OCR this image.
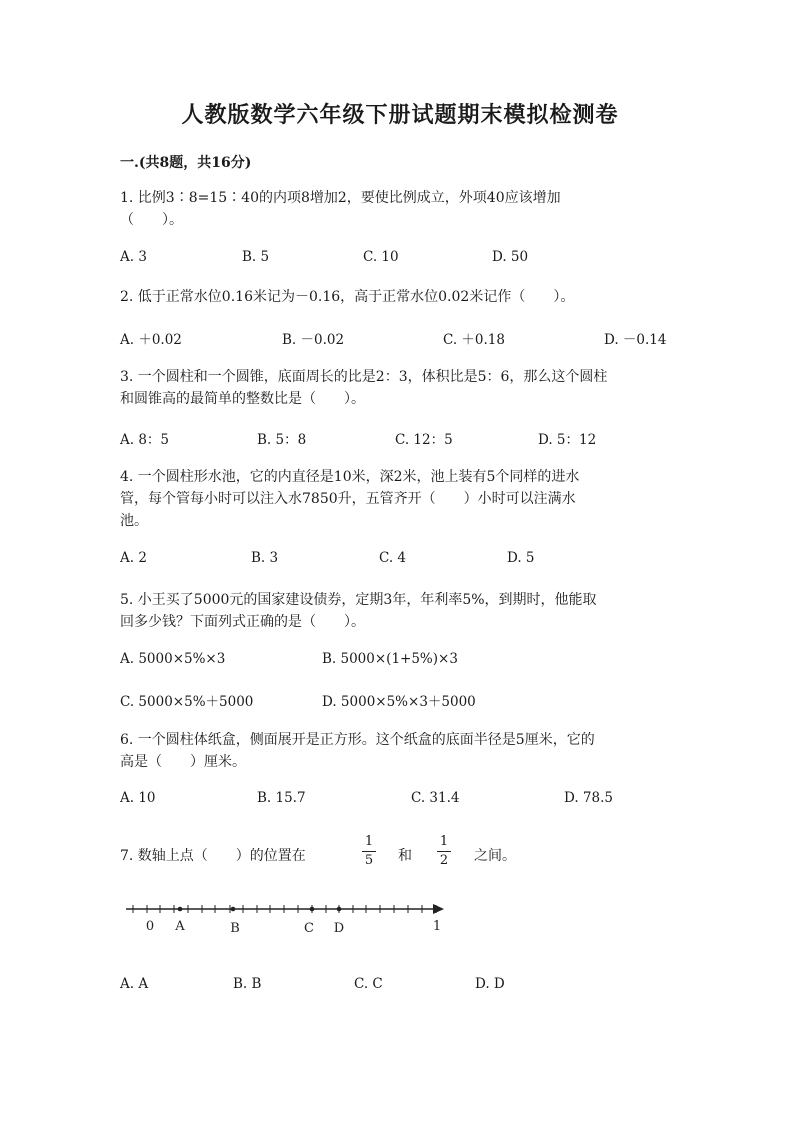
人教版数学六年级下册试题期末模拟检测卷
一.(共8题，共16分)
1. 比例3∶8=15∶40的内项8增加2，要使比例成立，外项40应该增加
（　　）。
A. 3	B. 5	C. 10	D. 50
2. 低于正常水位0.16米记为－0.16，高于正常水位0.02米记作（　　）。
A. ＋0.02	B. －0.02	C. ＋0.18	D. －0.14
3. 一个圆柱和一个圆锥，底面周长的比是2：3，体积比是5：6，那么这个圆柱
和圆锥高的最简单的整数比是（　　）。
A. 8：5	B. 5：8	C. 12：5	D. 5：12
4. 一个圆柱形水池，它的内直径是10米，深2米，池上装有5个同样的进水
管，每个管每小时可以注入水7850升，五管齐开（　　）小时可以注满水
池。
A. 2	B. 3	C. 4	D. 5
5. 小王买了5000元的国家建设债券，定期3年，年利率5%，到期时，他能取
回多少钱？下面列式正确的是（　　）。
A. 5000×5%×3	B. 5000×(1+5%)×3
C. 5000×5%＋5000	D. 5000×5%×3＋5000
6. 一个圆柱体纸盒，侧面展开是正方形。这个纸盒的底面半径是5厘米，它的
高是（　　）厘米。
A. 10	B. 15.7	C. 31.4	D. 78.5
7. 数轴上点（　　）的位置在
1
5 和
1
2 之间。
0 A	B	C D	1
A. A	B. B	C. C	D. D
